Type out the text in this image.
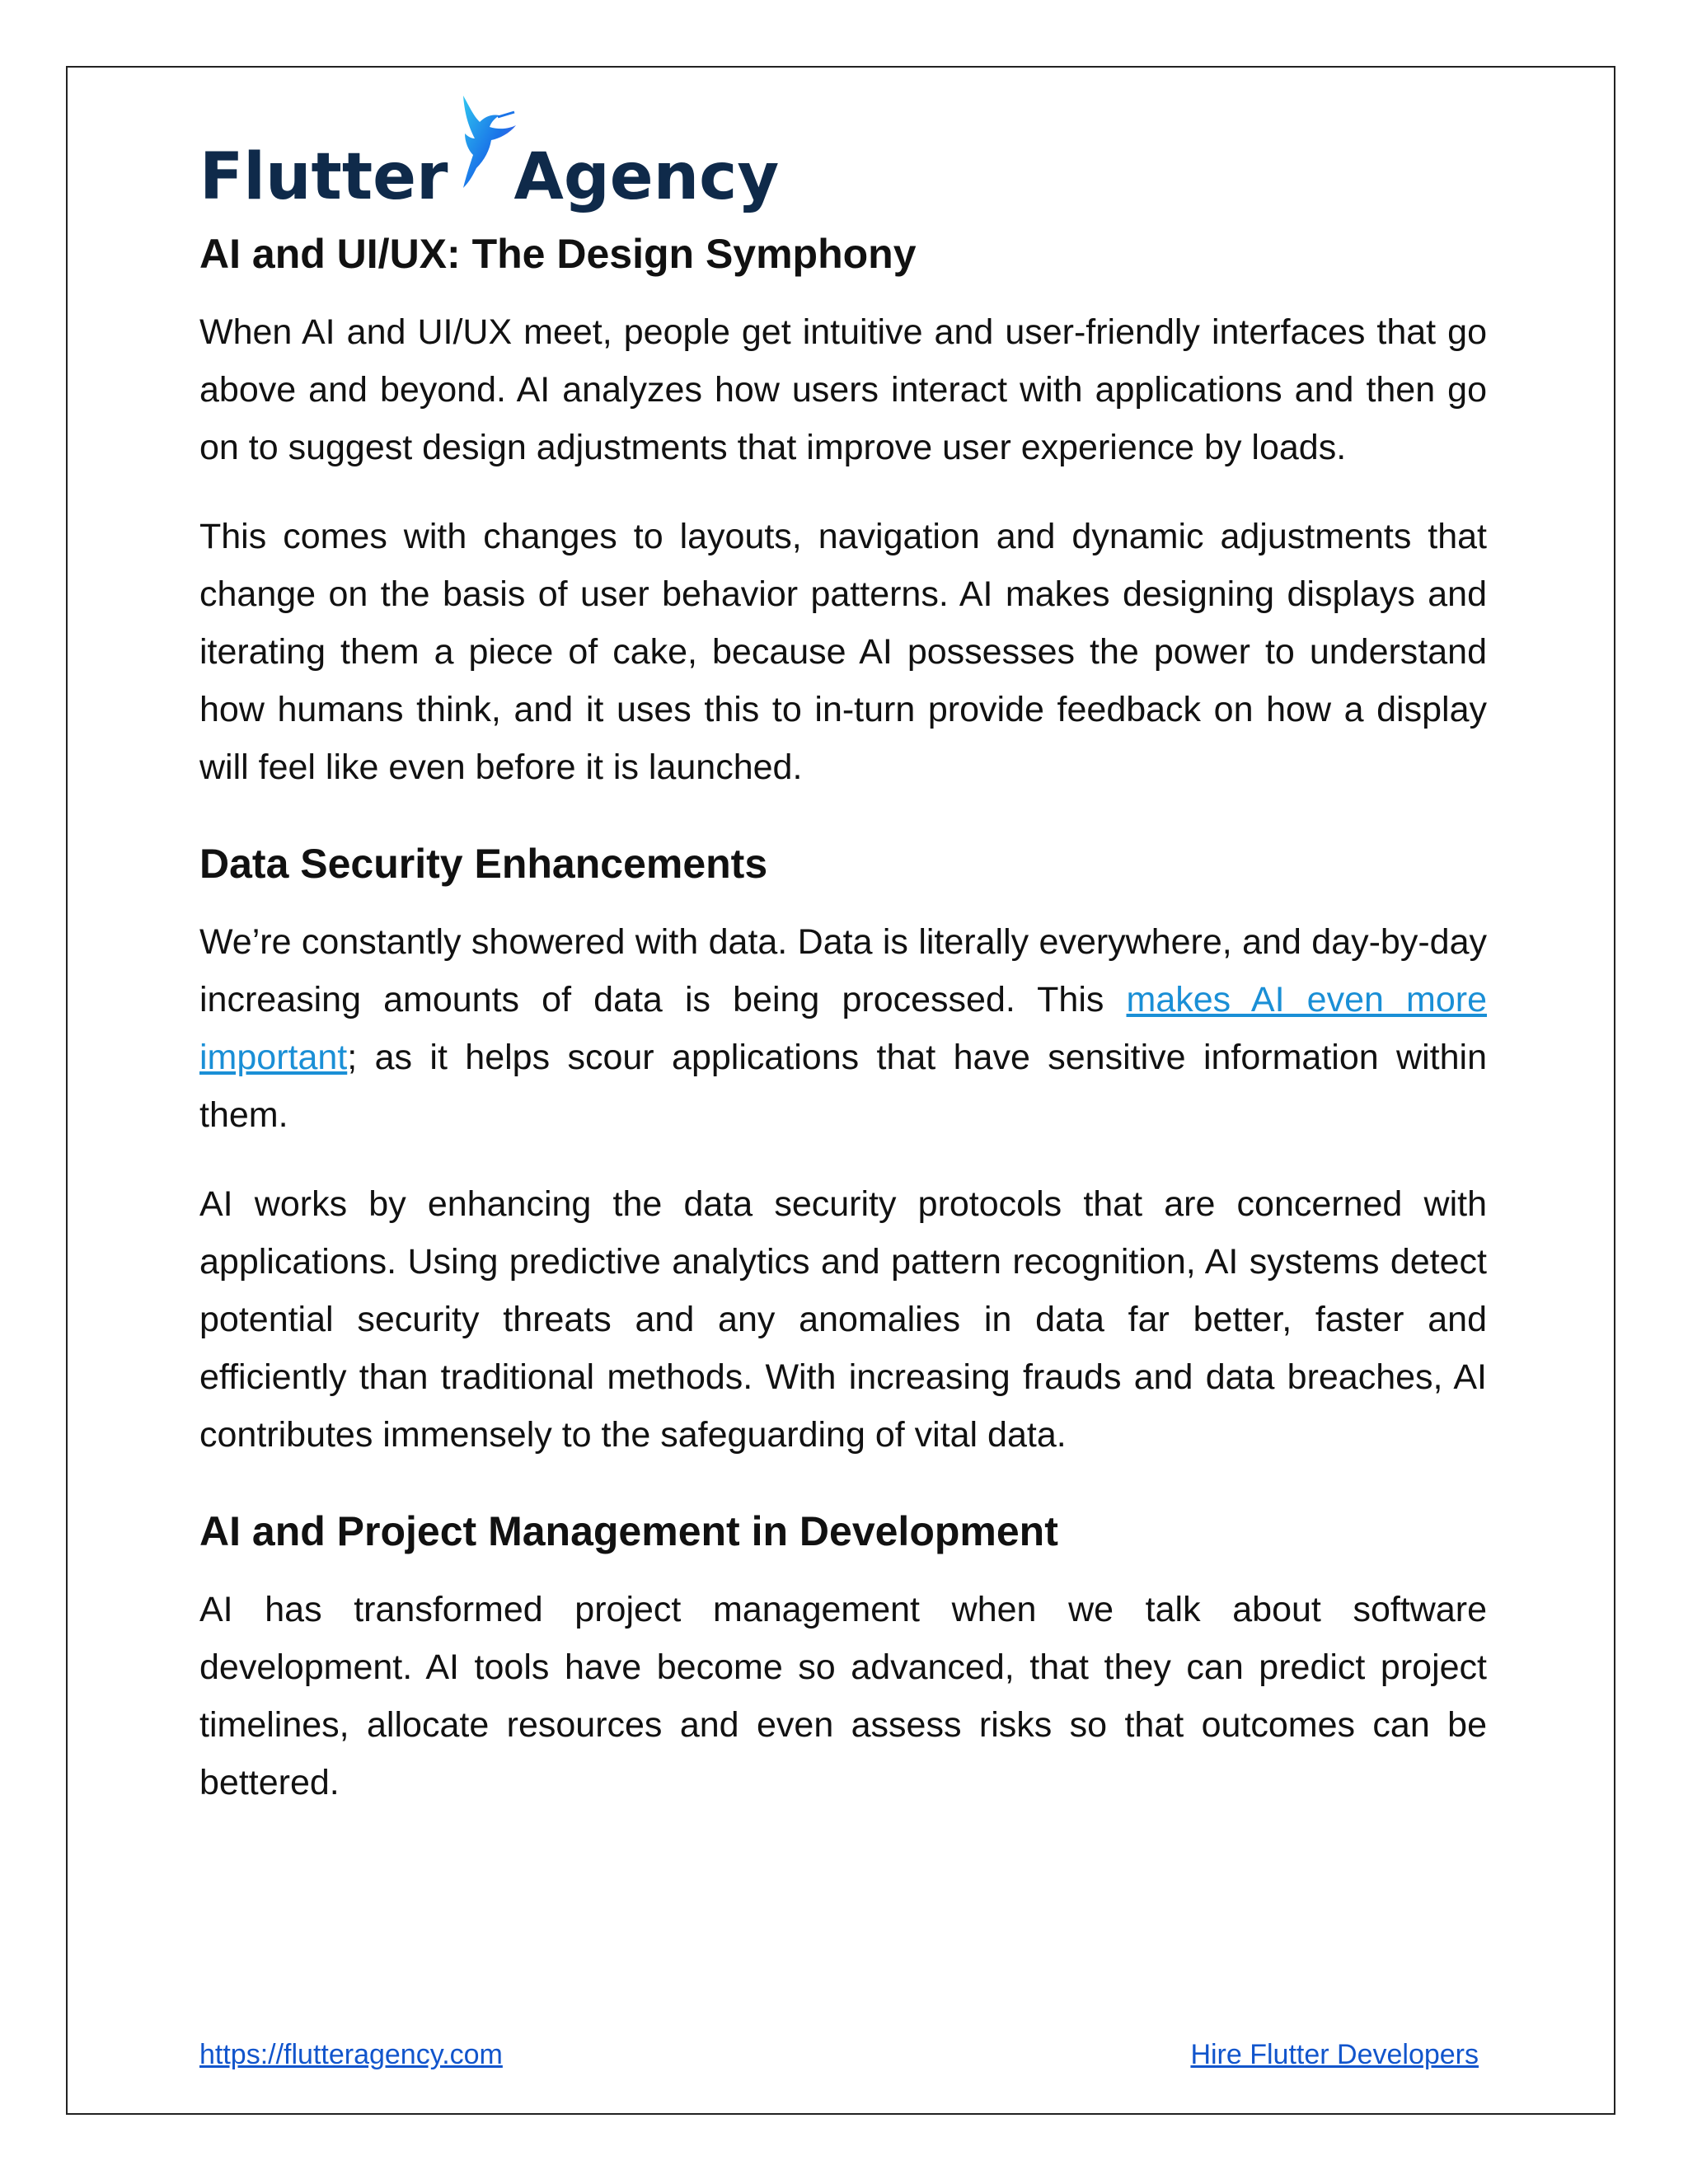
Flutter Agency
AI and UI/UX: The Design Symphony

When AI and UI/UX meet, people get intuitive and user-friendly interfaces that go above and beyond. AI analyzes how users interact with applications and then go on to suggest design adjustments that improve user experience by loads.

This comes with changes to layouts, navigation and dynamic adjustments that change on the basis of user behavior patterns. AI makes designing displays and iterating them a piece of cake, because AI possesses the power to understand how humans think, and it uses this to in-turn provide feedback on how a display will feel like even before it is launched.

Data Security Enhancements

We’re constantly showered with data. Data is literally everywhere, and day-by-day increasing amounts of data is being processed. This makes AI even more important; as it helps scour applications that have sensitive information within them.

AI works by enhancing the data security protocols that are concerned with applications. Using predictive analytics and pattern recognition, AI systems detect potential security threats and any anomalies in data far better, faster and efficiently than traditional methods. With increasing frauds and data breaches, AI contributes immensely to the safeguarding of vital data.

AI and Project Management in Development

AI has transformed project management when we talk about software development. AI tools have become so advanced, that they can predict project timelines, allocate resources and even assess risks so that outcomes can be bettered.

https://flutteragency.com	Hire Flutter Developers
